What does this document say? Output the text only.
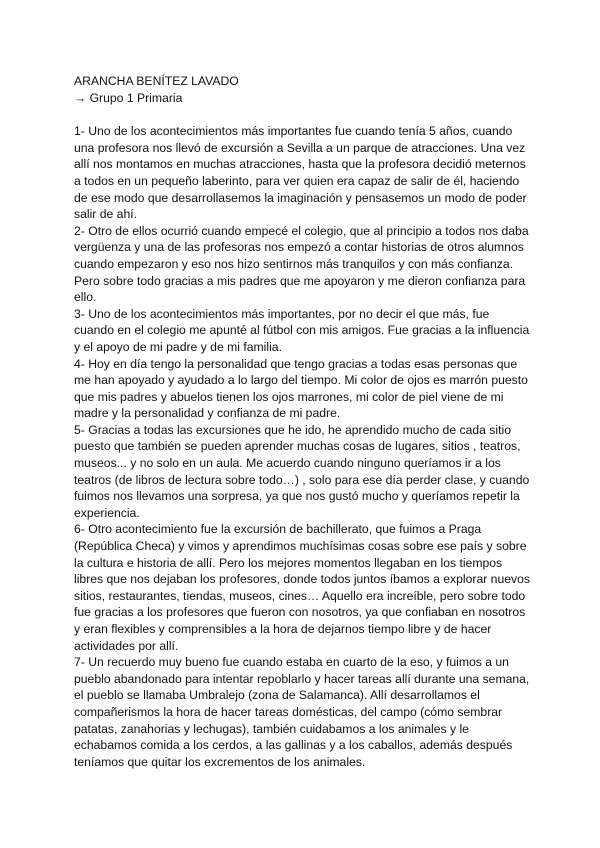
ARANCHA BENÍTEZ LAVADO

→ Grupo 1 Primaria

1- Uno de los acontecimientos más importantes fue cuando tenía 5 años, cuando una profesora nos llevó de excursión a Sevilla a un parque de atracciones. Una vez allí nos montamos en muchas atracciones, hasta que la profesora decidió meternos a todos en un pequeño laberinto, para ver quien era capaz de salir de él, haciendo de ese modo que desarrollasemos la imaginación y pensasemos un modo de poder salir de ahí.

2- Otro de ellos ocurrió cuando empecé el colegio, que al principio a todos nos daba vergüenza y una de las profesoras nos empezó a contar historias de otros alumnos cuando empezaron y eso nos hizo sentirnos más tranquilos y con más confianza. Pero sobre todo gracias a mis padres que me apoyaron y me dieron confianza para ello.

3- Uno de los acontecimientos más importantes, por no decir el que más, fue cuando en el colegio me apunté al fútbol con mis amigos. Fue gracias a la influencia y el apoyo de mi padre y de mi familia.

4- Hoy en día tengo la personalidad que tengo gracias a todas esas personas que me han apoyado y ayudado a lo largo del tiempo. Mi color de ojos es marrón puesto que mis padres y abuelos tienen los ojos marrones, mi color de piel viene de mi madre y la personalidad y confianza de mi padre.

5- Gracias a todas las excursiones que he ido, he aprendido mucho de cada sitio puesto que también se pueden aprender muchas cosas de lugares, sitios , teatros, museos... y no solo en un aula. Me acuerdo cuando ninguno queríamos ir a los teatros (de libros de lectura sobre todo…) , solo para ese día perder clase, y cuando fuimos nos llevamos una sorpresa, ya que nos gustó mucho y queríamos repetir la experiencia.

6- Otro acontecimiento fue la excursión de bachillerato, que fuimos a Praga (República Checa) y vimos y aprendimos muchísimas cosas sobre ese país y sobre la cultura e historia de allí. Pero los mejores momentos llegaban en los tiempos libres que nos dejaban los profesores, donde todos juntos íbamos a explorar nuevos sitios, restaurantes, tiendas, museos, cines… Aquello era increíble, pero sobre todo fue gracias a los profesores que fueron con nosotros, ya que confiaban en nosotros y eran flexibles y comprensibles a la hora de dejarnos tiempo libre y de hacer actividades por allí.

7- Un recuerdo muy bueno fue cuando estaba en cuarto de la eso, y fuimos a un pueblo abandonado para intentar repoblarlo y hacer tareas allí durante una semana, el pueblo se llamaba Umbralejo (zona de Salamanca). Allí desarrollamos el compañerismos la hora de hacer tareas domésticas, del campo (cómo sembrar patatas, zanahorias y lechugas), también cuidabamos a los animales y le echabamos comida a los cerdos, a las gallinas y a los caballos, además después teníamos que quitar los excrementos de los animales.
